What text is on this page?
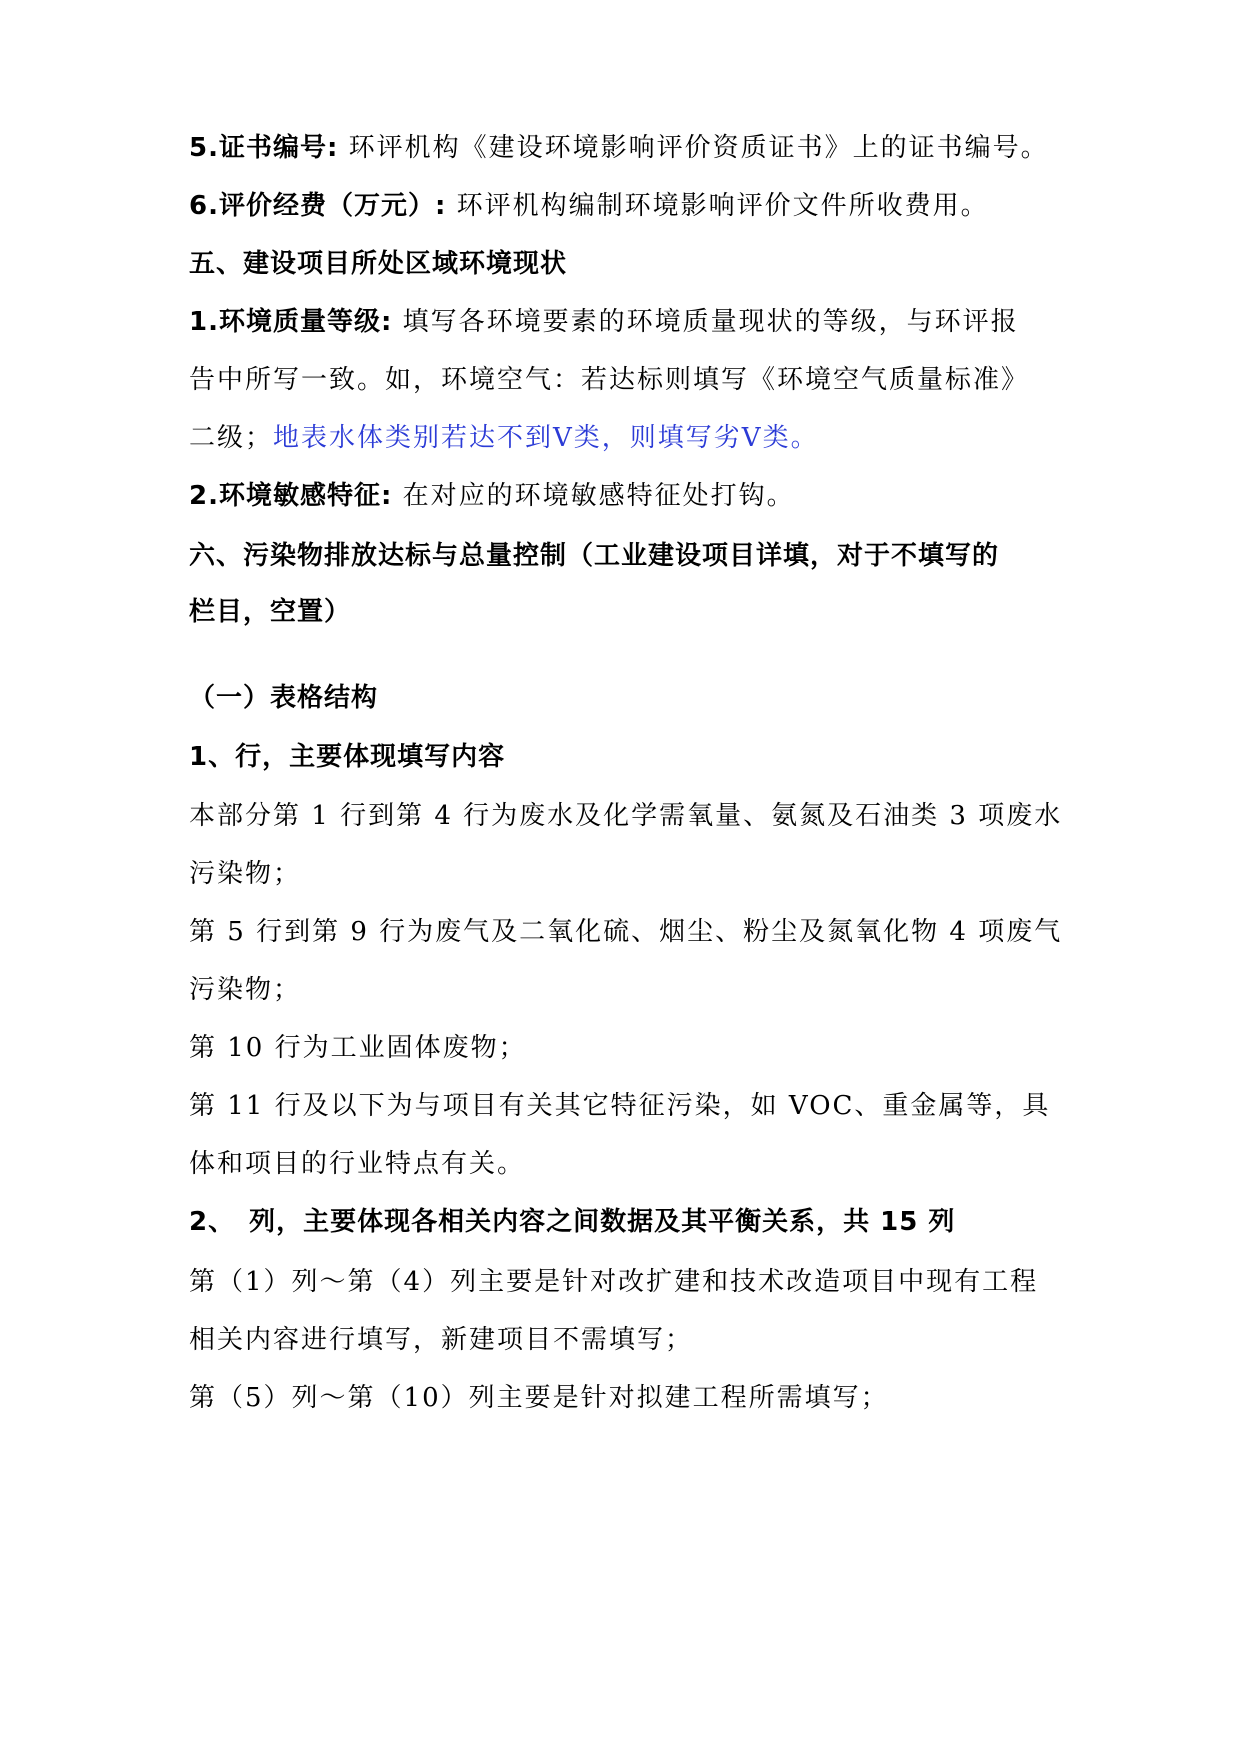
5.证书编号: 环评机构《建设环境影响评价资质证书》上的证书编号。
6.评价经费（万元）: 环评机构编制环境影响评价文件所收费用。
五、建设项目所处区域环境现状
1.环境质量等级: 填写各环境要素的环境质量现状的等级，与环评报
告中所写一致。如，环境空气：若达标则填写《环境空气质量标准》
二级；地表水体类别若达不到Ⅴ类，则填写劣Ⅴ类。
2.环境敏感特征: 在对应的环境敏感特征处打钩。
六、污染物排放达标与总量控制（工业建设项目详填，对于不填写的
栏目，空置）
（一）表格结构
1、行，主要体现填写内容
本部分第 1 行到第 4 行为废水及化学需氧量、氨氮及石油类 3 项废水
污染物；
第 5 行到第 9 行为废气及二氧化硫、烟尘、粉尘及氮氧化物 4 项废气
污染物；
第 10 行为工业固体废物；
第 11 行及以下为与项目有关其它特征污染，如 VOC、重金属等，具
体和项目的行业特点有关。
2、　列，主要体现各相关内容之间数据及其平衡关系，共 15 列
第（1）列～第（4）列主要是针对改扩建和技术改造项目中现有工程
相关内容进行填写，新建项目不需填写；
第（5）列～第（10）列主要是针对拟建工程所需填写；
